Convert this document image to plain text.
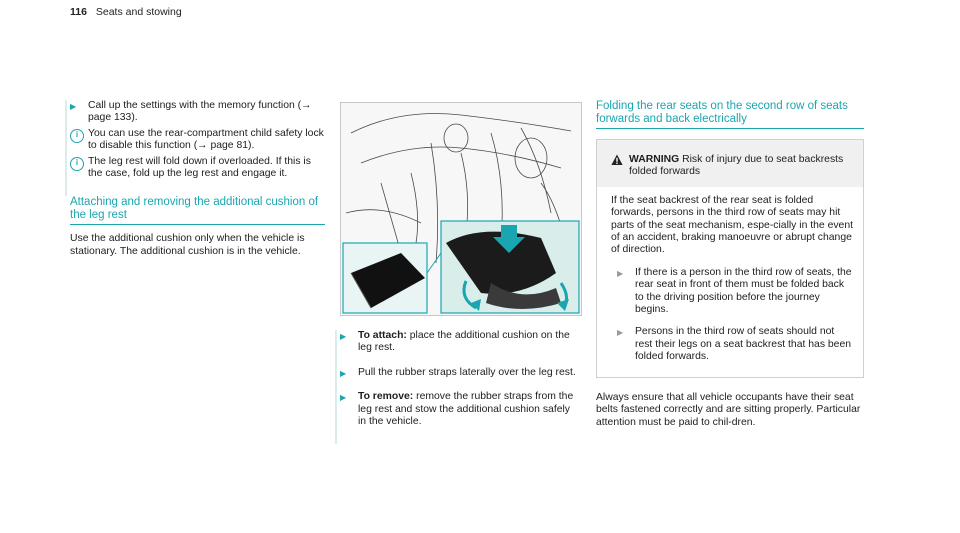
116 Seats and stowing
▶	Call up the settings with the memory function (→ page 133).
i You can use the rear-compartment child safety lock to disable this function (→ page 81).
i The leg rest will fold down if overloaded. If this is the case, fold up the leg rest and engage it.
Attaching and removing the additional cushion of
the leg rest
Use the additional cushion only when the vehicle is stationary. The additional cushion is in the vehicle.
▶	To attach: place the additional cushion on the leg rest.
▶	Pull the rubber straps laterally over the leg rest.
▶	To remove: remove the rubber straps from the leg rest and stow the additional cushion safely in the vehicle.
Folding the rear seats on the second row of seats
forwards and back electrically
WARNING Risk of injury due to seat backrests folded forwards
If the seat backrest of the rear seat is folded forwards, persons in the third row of seats may hit parts of the seat mechanism, espe-cially in the event of an accident, braking manoeuvre or abrupt change of direction.
▶	If there is a person in the third row of seats, the rear seat in front of them must be folded back to the driving position before the journey begins.
▶	Persons in the third row of seats should not rest their legs on a seat backrest that has been folded forwards.
Always ensure that all vehicle occupants have their seat belts fastened correctly and are sitting properly. Particular attention must be paid to chil-dren.
